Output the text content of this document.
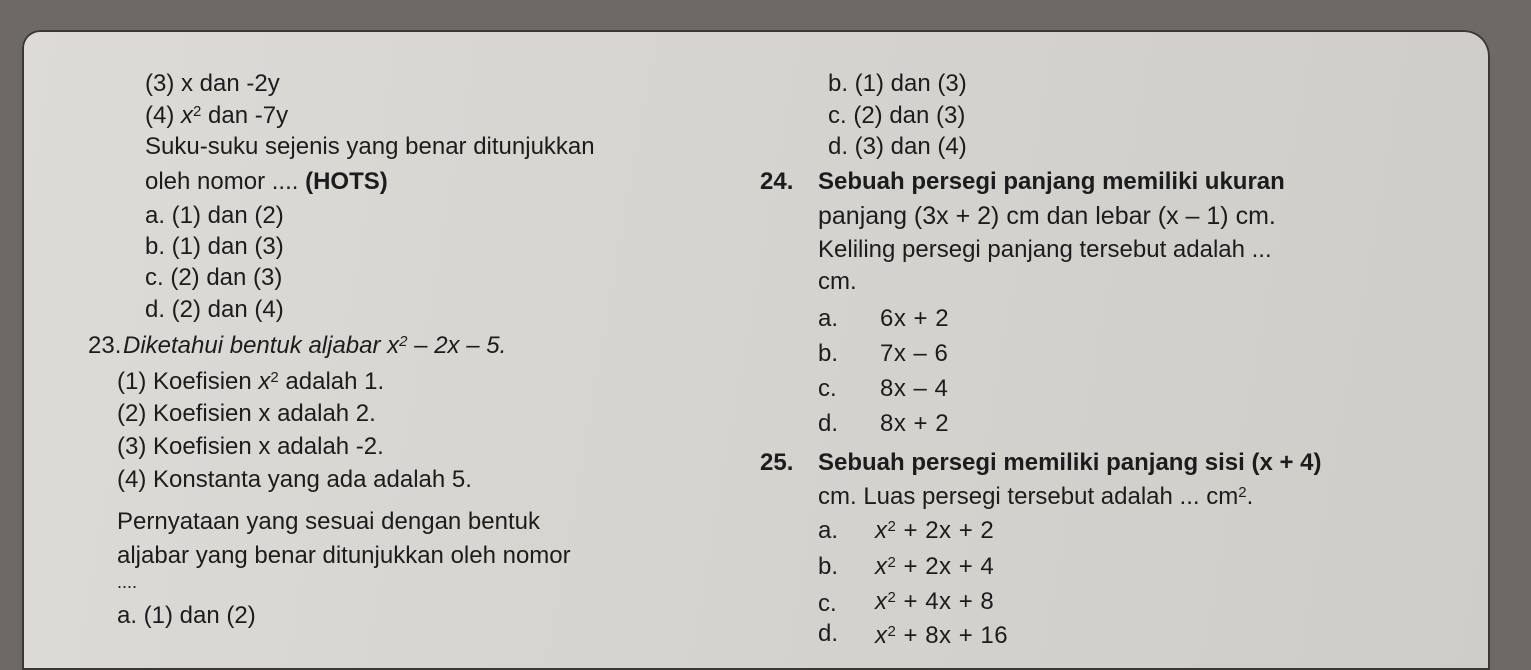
(3) x dan -2y
(4) $x^2$ dan -7y
Suku-suku sejenis yang benar ditunjukkan
oleh nomor .... (HOTS)
a. (1) dan (2)
b. (1) dan (3)
c. (2) dan (3)
d. (2) dan (4)
23. Diketahui bentuk aljabar $x^2 - 2x - 5$.
(1) Koefisien $x^2$ adalah 1.
(2) Koefisien x adalah 2.
(3) Koefisien x adalah -2.
(4) Konstanta yang ada adalah 5.
Pernyataan yang sesuai dengan bentuk
aljabar yang benar ditunjukkan oleh nomor
....
a. (1) dan (2)
b. (1) dan (3)
c. (2) dan (3)
d. (3) dan (4)
24. Sebuah persegi panjang memiliki ukuran
panjang (3x + 2) cm dan lebar (x – 1) cm.
Keliling persegi panjang tersebut adalah ...
cm.
a. 6x + 2
b. 7x – 6
c. 8x – 4
d. 8x + 2
25. Sebuah persegi memiliki panjang sisi (x + 4)
cm. Luas persegi tersebut adalah ... $cm^2$.
a. $x^2 + 2x + 2$
b. $x^2 + 2x + 4$
c. $x^2 + 4x + 8$
d. $x^2 + 8x + 16$
